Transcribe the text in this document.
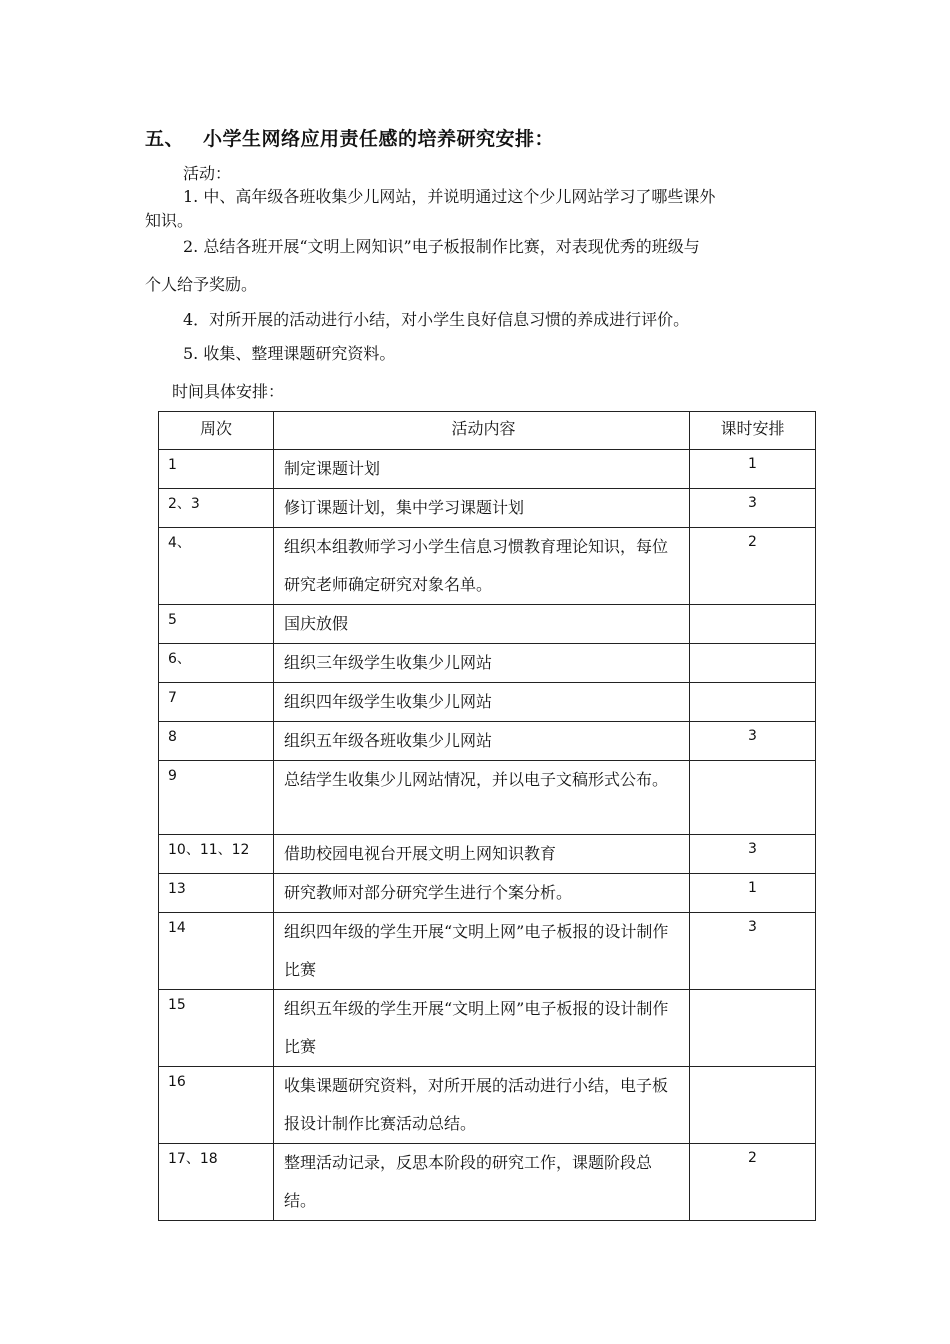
五、 小学生网络应用责任感的培养研究安排：
活动：
1. 中、高年级各班收集少儿网站，并说明通过这个少儿网站学习了哪些课外
知识。
2. 总结各班开展“文明上网知识”电子板报制作比赛，对表现优秀的班级与
个人给予奖励。
4．对所开展的活动进行小结，对小学生良好信息习惯的养成进行评价。
5. 收集、整理课题研究资料。
时间具体安排：
周次	活动内容	课时安排
1	制定课题计划	1
2、3	修订课题计划，集中学习课题计划	3
4、	组织本组教师学习小学生信息习惯教育理论知识，每位研究老师确定研究对象名单。	2
5	国庆放假	
6、	组织三年级学生收集少儿网站	
7	组织四年级学生收集少儿网站	
8	组织五年级各班收集少儿网站	3
9	总结学生收集少儿网站情况，并以电子文稿形式公布。	
10、11、12	借助校园电视台开展文明上网知识教育	3
13	研究教师对部分研究学生进行个案分析。	1
14	组织四年级的学生开展“文明上网”电子板报的设计制作比赛	3
15	组织五年级的学生开展“文明上网”电子板报的设计制作比赛	
16	收集课题研究资料，对所开展的活动进行小结，电子板报设计制作比赛活动总结。	
17、18	整理活动记录，反思本阶段的研究工作，课题阶段总结。	2
